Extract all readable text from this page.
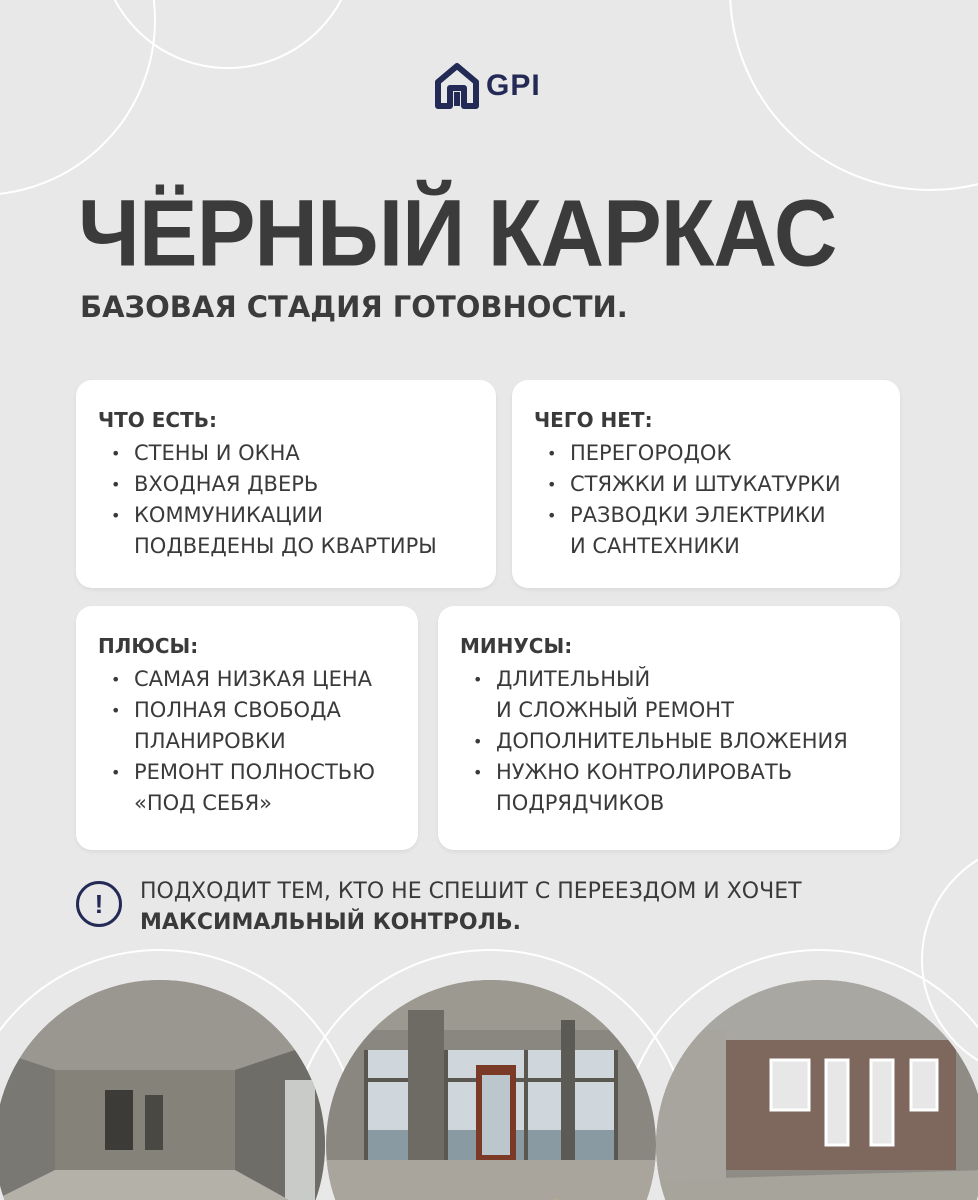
GPI
ЧЁРНЫЙ КАРКАС
БАЗОВАЯ СТАДИЯ ГОТОВНОСТИ.
ЧТО ЕСТЬ:
• СТЕНЫ И ОКНА
• ВХОДНАЯ ДВЕРЬ
• КОММУНИКАЦИИ
ПОДВЕДЕНЫ ДО КВАРТИРЫ
ЧЕГО НЕТ:
• ПЕРЕГОРОДОК
• СТЯЖКИ И ШТУКАТУРКИ
• РАЗВОДКИ ЭЛЕКТРИКИ
И САНТЕХНИКИ
ПЛЮСЫ:
• САМАЯ НИЗКАЯ ЦЕНА
• ПОЛНАЯ СВОБОДА
ПЛАНИРОВКИ
• РЕМОНТ ПОЛНОСТЬЮ
«ПОД СЕБЯ»
МИНУСЫ:
• ДЛИТЕЛЬНЫЙ
И СЛОЖНЫЙ РЕМОНТ
• ДОПОЛНИТЕЛЬНЫЕ ВЛОЖЕНИЯ
• НУЖНО КОНТРОЛИРОВАТЬ
ПОДРЯДЧИКОВ
!	ПОДХОДИТ ТЕМ, КТО НЕ СПЕШИТ С ПЕРЕЕЗДОМ И ХОЧЕТ
МАКСИМАЛЬНЫЙ КОНТРОЛЬ.
